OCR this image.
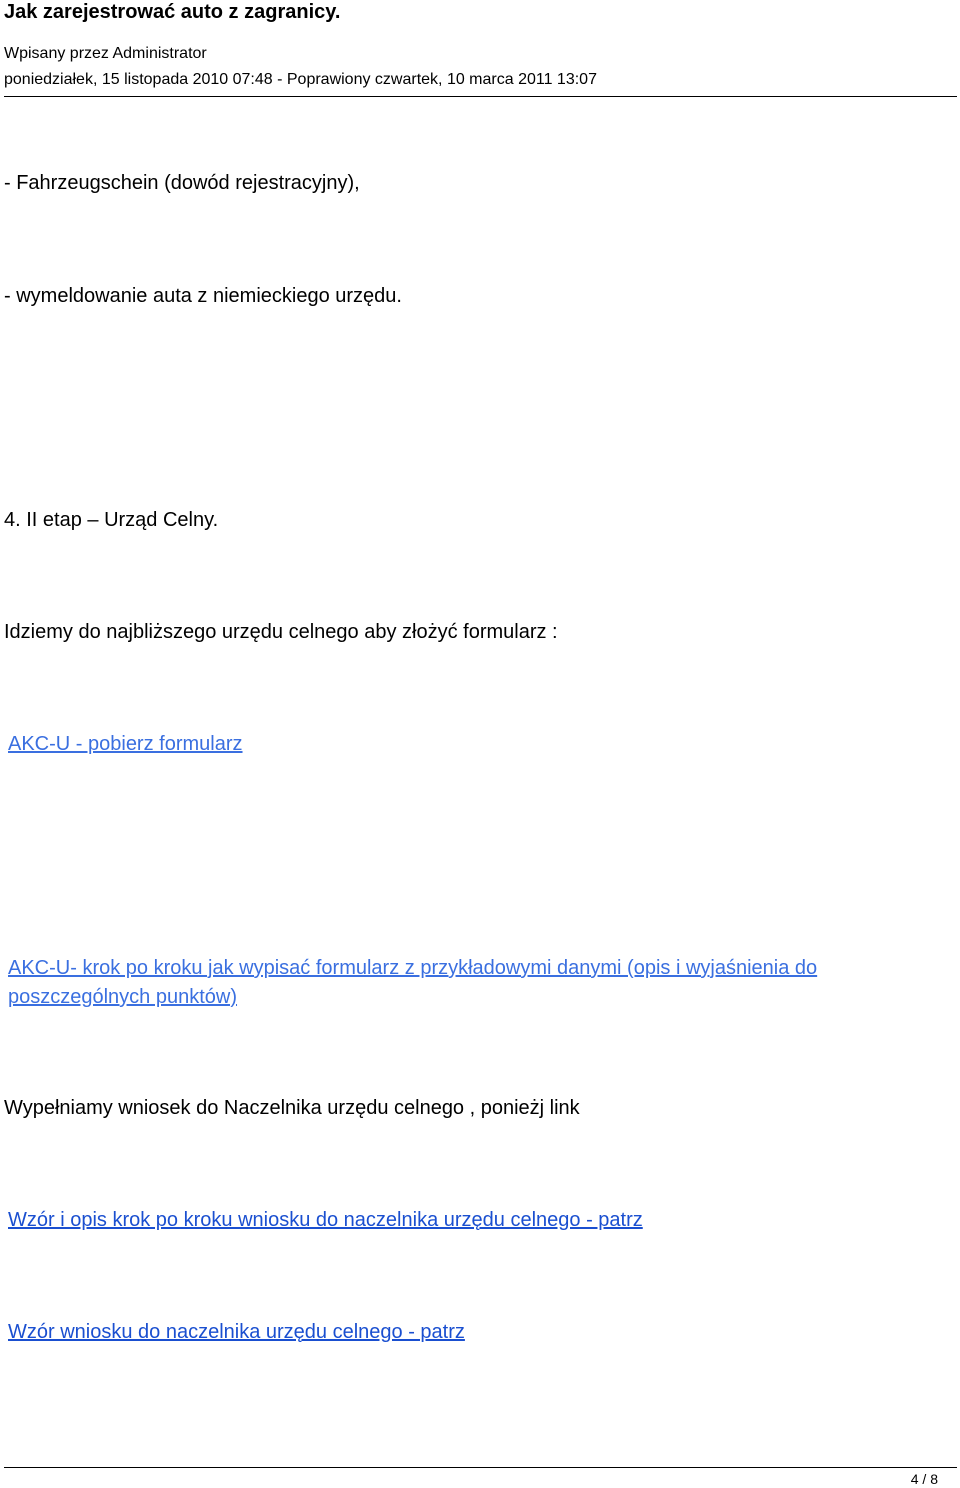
Jak zarejestrować auto z zagranicy.
Wpisany przez Administrator
poniedziałek, 15 listopada 2010 07:48 - Poprawiony czwartek, 10 marca 2011 13:07
- Fahrzeugschein (dowód rejestracyjny),
- wymeldowanie auta z niemieckiego urzędu.
4. II etap – Urząd Celny.
Idziemy do najbliższego urzędu celnego aby złożyć formularz :
AKC-U - pobierz formularz
AKC-U- krok po kroku jak wypisać formularz z przykładowymi danymi (opis i wyjaśnienia do
poszczególnych punktów)
Wypełniamy wniosek do Naczelnika urzędu celnego , ponieżj link
Wzór i opis krok po kroku wniosku do naczelnika urzędu celnego - patrz
Wzór wniosku do naczelnika urzędu celnego - patrz
4 / 8
